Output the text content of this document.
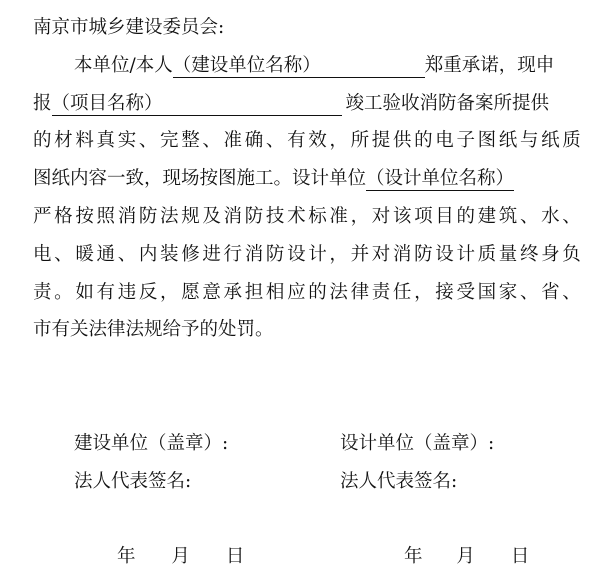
南京市城乡建设委员会:
本单位/本人（建设单位名称）	郑重承诺，现申
报（项目名称）	竣工验收消防备案所提供
的 材 料 真 实 、 完 整 、 准 确 、 有 效 ， 所 提 供 的 电 子 图 纸 与 纸 质
图纸内容一致，现场按图施工。设计单位（设计单位名称）
严 格 按 照 消 防 法 规 及 消 防 技 术 标 准 ， 对 该 项 目 的 建 筑 、 水 、
电 、 暖 通 、 内 装 修 进 行 消 防 设 计 ， 并 对 消 防 设 计 质 量 终 身 负
责 。 如 有 违 反 ， 愿 意 承 担 相 应 的 法 律 责 任 ， 接 受 国 家 、 省 、
市有关法律法规给予的处罚。
建设单位（盖章）:
法人代表签名:
年 月 日
设计单位（盖章）:
法人代表签名:
年 月 日
